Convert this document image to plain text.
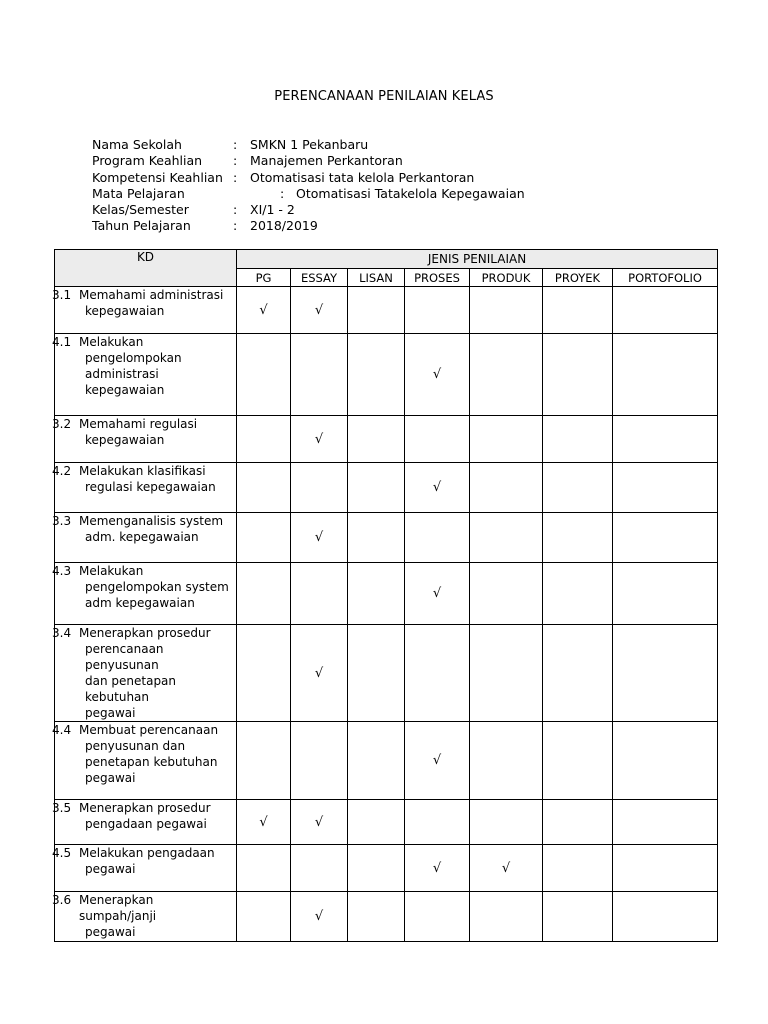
PERENCANAAN PENILAIAN KELAS
Nama Sekolah	: SMKN 1 Pekanbaru
Program Keahlian : Manajemen Perkantoran
Kompetensi Keahlian : Otomatisasi tata kelola Perkantoran
Mata Pelajaran	: Otomatisasi Tatakelola Kepegawaian
Kelas/Semester	: XI/1 - 2
Tahun Pelajaran	: 2018/2019
KD	JENIS PENILAIAN						
	PG	ESSAY	LISAN	PROSES	PRODUK	PROYEK	PORTOFOLIO

3.1 Memahami administrasi
kepegawaian	√	√					

4.1 Melakukan
pengelompokan
administrasi
kepegawaian				√			

3.2 Memahami regulasi
kepegawaian		√					

4.2 Melakukan klasifikasi
regulasi kepegawaian				√			

3.3 Memenganalisis system
adm. kepegawaian		√					

4.3 Melakukan
pengelompokan system
adm kepegawaian				√			

3.4 Menerapkan prosedur
perencanaan penyusunan
dan penetapan kebutuhan
pegawai		√					

4.4 Membuat perencanaan
penyusunan dan
penetapan kebutuhan
pegawai				√			

3.5 Menerapkan prosedur
pengadaan pegawai	√	√					

4.5 Melakukan pengadaan
pegawai				√	√		

3.6 Menerapkan sumpah/janji
pegawai		√					
